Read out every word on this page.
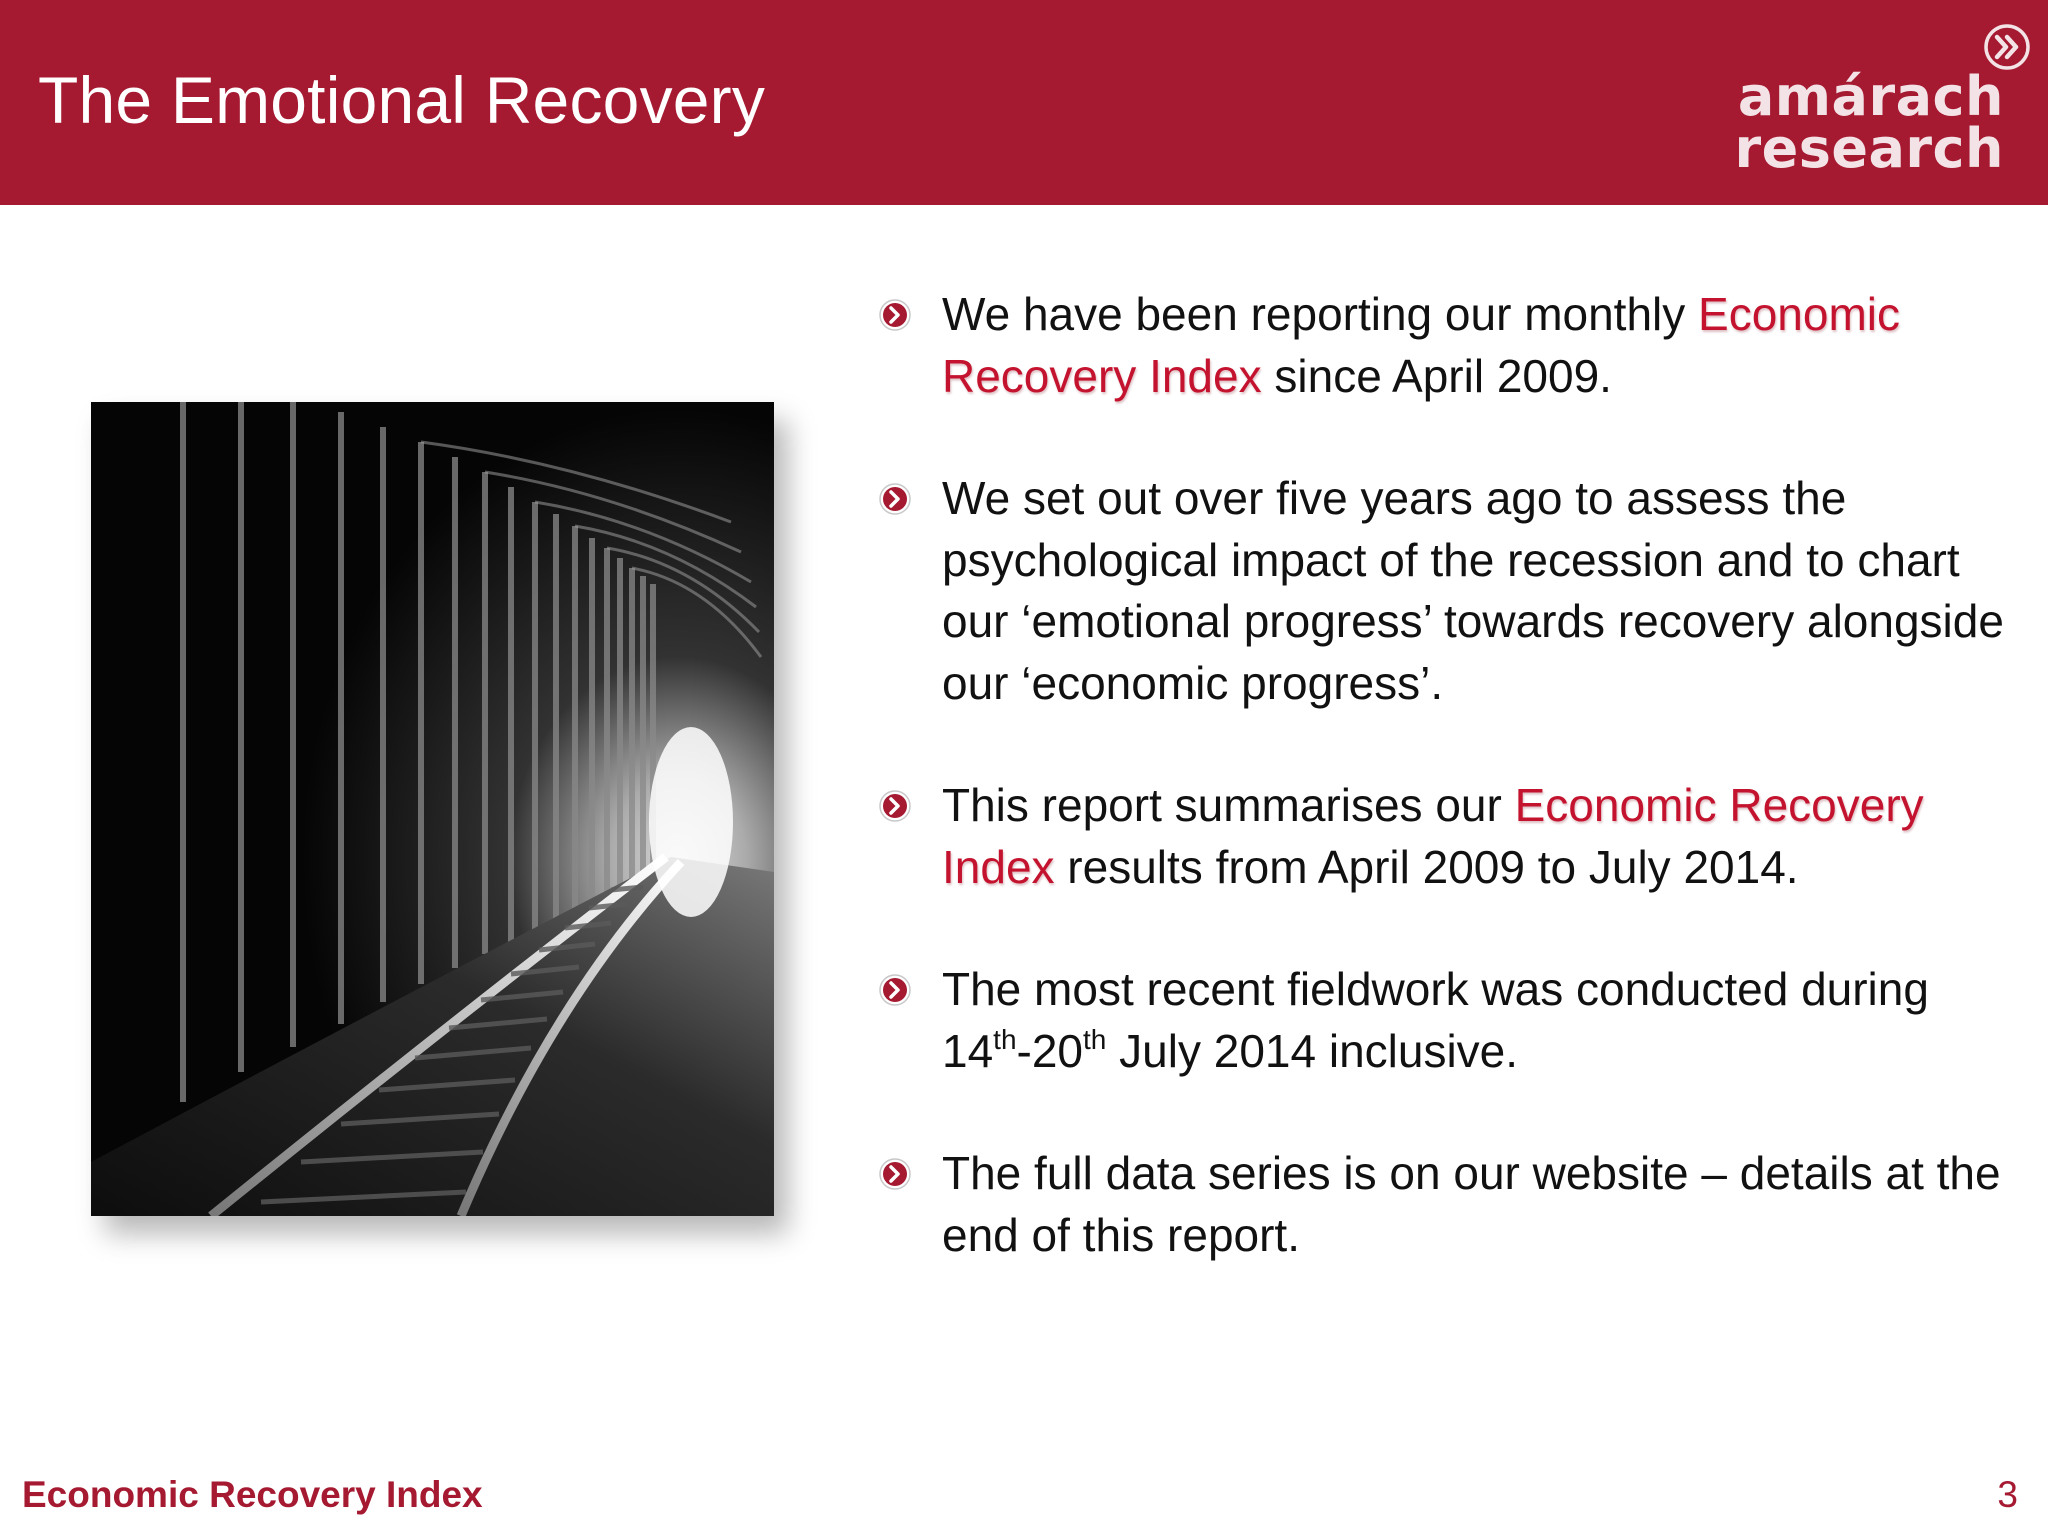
The Emotional Recovery	amárach
research
We have been reporting our monthly Economic Recovery Index since April 2009.
We set out over five years ago to assess the psychological impact of the recession and to chart our ‘emotional progress’ towards recovery alongside our ‘economic progress’.
This report summarises our Economic Recovery Index results from April 2009 to July 2014.
The most recent fieldwork was conducted during 14th-20th July 2014 inclusive.
The full data series is on our website – details at the end of this report.
Economic Recovery Index	3
